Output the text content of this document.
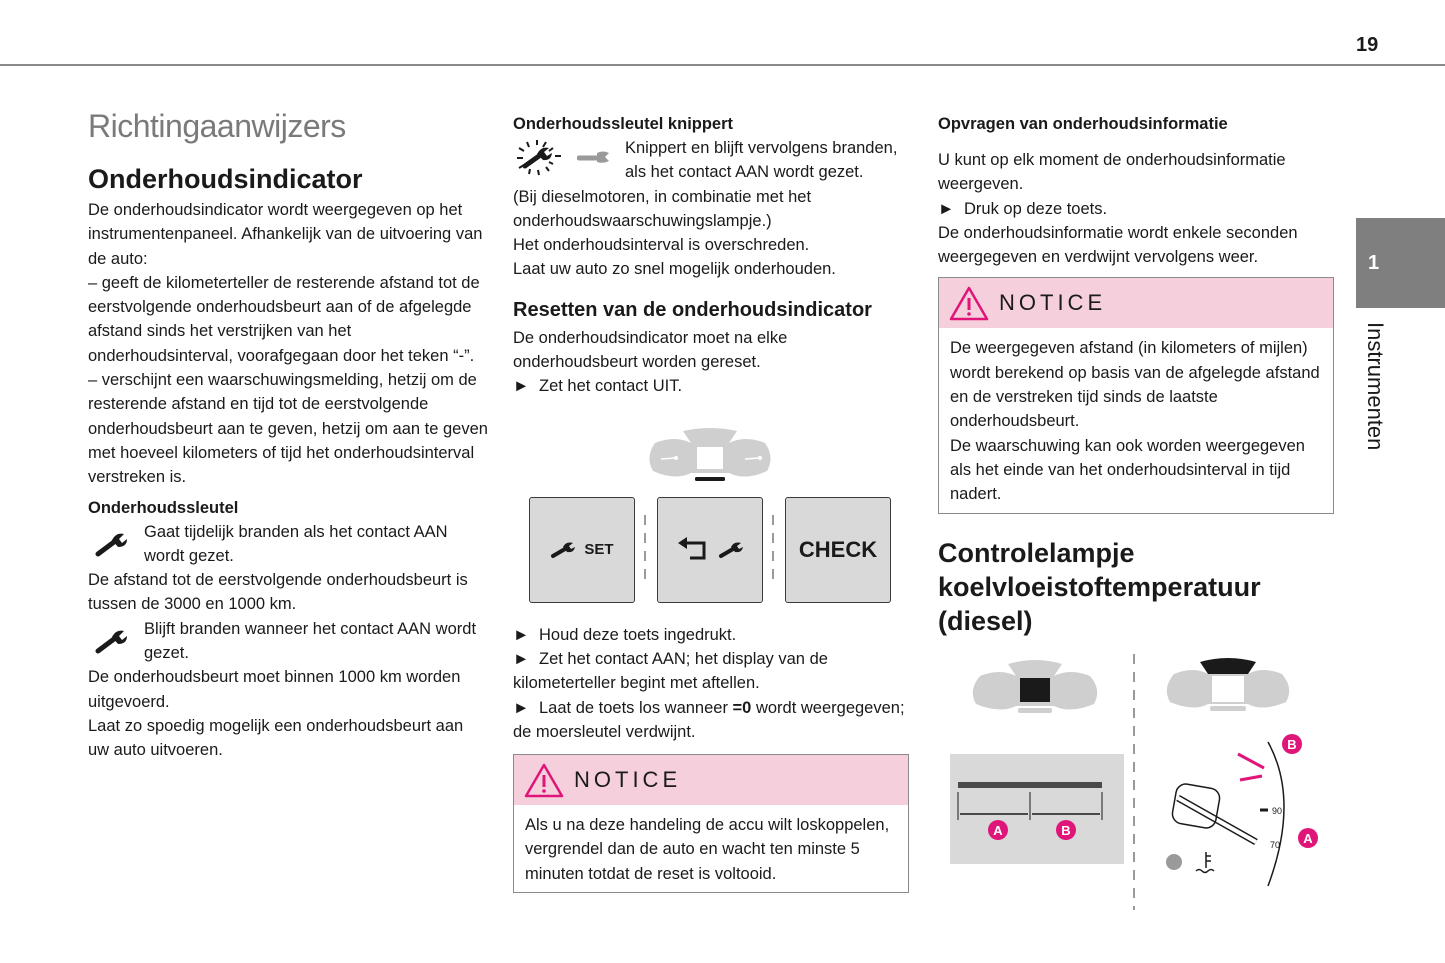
19
1
Instrumenten
Richtingaanwijzers
Onderhoudsindicator

De onderhoudsindicator wordt weergegeven op het instrumentenpaneel. Afhankelijk van de uitvoering van de auto:

– geeft de kilometerteller de resterende afstand tot de eerstvolgende onderhoudsbeurt aan of de afgelegde afstand sinds het verstrijken van het onderhoudsinterval, voorafgegaan door het teken “-”.

– verschijnt een waarschuwingsmelding, hetzij om de resterende afstand en tijd tot de eerstvolgende onderhoudsbeurt aan te geven, hetzij om aan te geven met hoeveel kilometers of tijd het onderhoudsinterval verstreken is.

Onderhoudssleutel

Gaat tijdelijk branden als het contact AAN wordt gezet.

De afstand tot de eerstvolgende onderhoudsbeurt is tussen de 3000 en 1000 km.

Blijft branden wanneer het contact AAN wordt gezet.

De onderhoudsbeurt moet binnen 1000 km worden uitgevoerd.

Laat zo spoedig mogelijk een onderhoudsbeurt aan uw auto uitvoeren.

Onderhoudssleutel knippert

Knippert en blijft vervolgens branden, als het contact AAN wordt gezet.

(Bij dieselmotoren, in combinatie met het onderhoudswaarschuwingslampje.)

Het onderhoudsinterval is overschreden.

Laat uw auto zo snel mogelijk onderhouden.

Resetten van de onderhoudsindicator

De onderhoudsindicator moet na elke onderhoudsbeurt worden gereset.

► Zet het contact UIT.

SET	CHECK

► Houd deze toets ingedrukt.

► Zet het contact AAN; het display van de kilometerteller begint met aftellen.

► Laat de toets los wanneer =0 wordt weergegeven; de moersleutel verdwijnt.

NOTICE
Als u na deze handeling de accu wilt loskoppelen, vergrendel dan de auto en wacht ten minste 5 minuten totdat de reset is voltooid.
Opvragen van onderhoudsinformatie

U kunt op elk moment de onderhoudsinformatie weergeven.

► Druk op deze toets.

De onderhoudsinformatie wordt enkele seconden weergegeven en verdwijnt vervolgens weer.

NOTICE

De weergegeven afstand (in kilometers of mijlen) wordt berekend op basis van de afgelegde afstand en de verstreken tijd sinds de laatste onderhoudsbeurt.

De waarschuwing kan ook worden weergegeven als het einde van het onderhoudsinterval in tijd nadert.

Controlelampje
koelvloeistoftemperatuur
(diesel)
A	B
90
70
B
A
